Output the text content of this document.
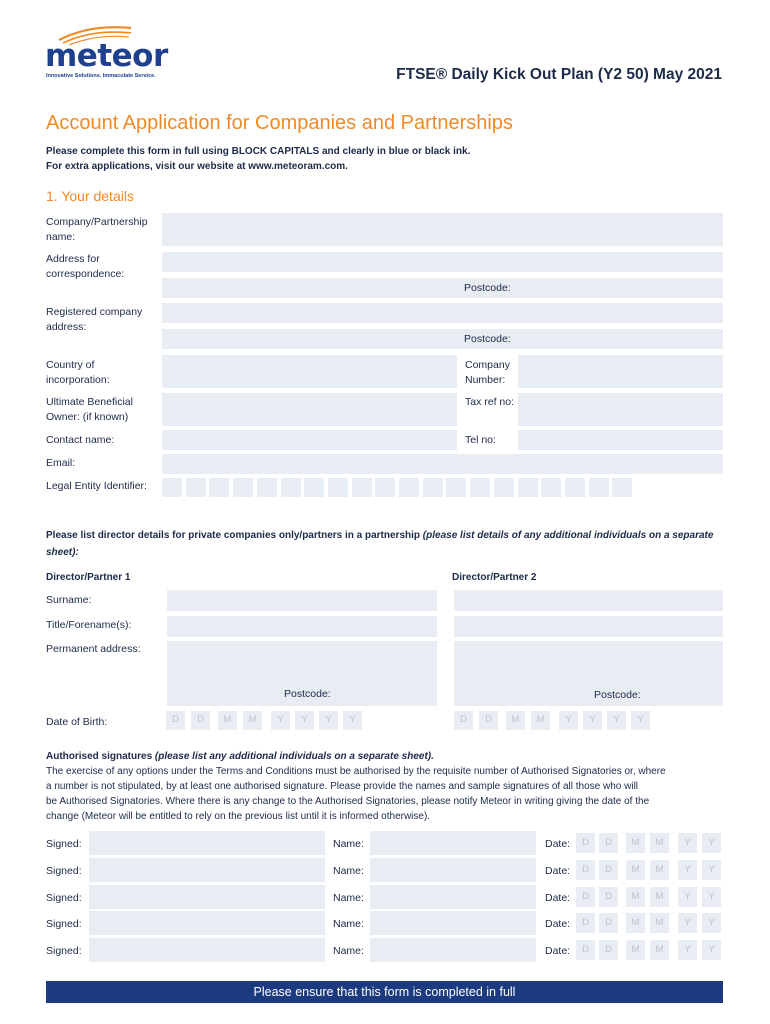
meteor
Innovative Solutions. Immaculate Service.	FTSE® Daily Kick Out Plan (Y2 50) May 2021
Account Application for Companies and Partnerships
Please complete this form in full using BLOCK CAPITALS and clearly in blue or black ink.
For extra applications, visit our website at www.meteoram.com.
1. Your details
Company/Partnership name:
Address for correspondence:
Postcode:
Registered company address:
Postcode:
Country of incorporation:
Company Number:
Ultimate Beneficial Owner: (if known)
Tax ref no:
Contact name:	Tel no:
Email:
Legal Entity Identifier:
Please list director details for private companies only/partners in a partnership (please list details of any additional individuals on a separate sheet):
Director/Partner 1	Director/Partner 2
Surname:
Title/Forename(s):
Permanent address:
Postcode:	Postcode:
Date of Birth:	D	D	M	M	Y	Y	Y	Y	D	D	M	M	Y	Y	Y	Y
Authorised signatures (please list any additional individuals on a separate sheet).
The exercise of any options under the Terms and Conditions must be authorised by the requisite number of Authorised Signatories or, where
a number is not stipulated, by at least one authorised signature. Please provide the names and sample signatures of all those who will
be Authorised Signatories. Where there is any change to the Authorised Signatories, please notify Meteor in writing giving the date of the
change (Meteor will be entitled to rely on the previous list until it is informed otherwise).
Signed:	Name:	Date:	D	D	M	M	Y	Y
Signed:	Name:	Date:	D	D	M	M	Y	Y
Signed:	Name:	Date:	D	D	M	M	Y	Y
Signed:	Name:	Date:	D	D	M	M	Y	Y
Signed:	Name:	Date:	D	D	M	M	Y	Y
Please ensure that this form is completed in full
